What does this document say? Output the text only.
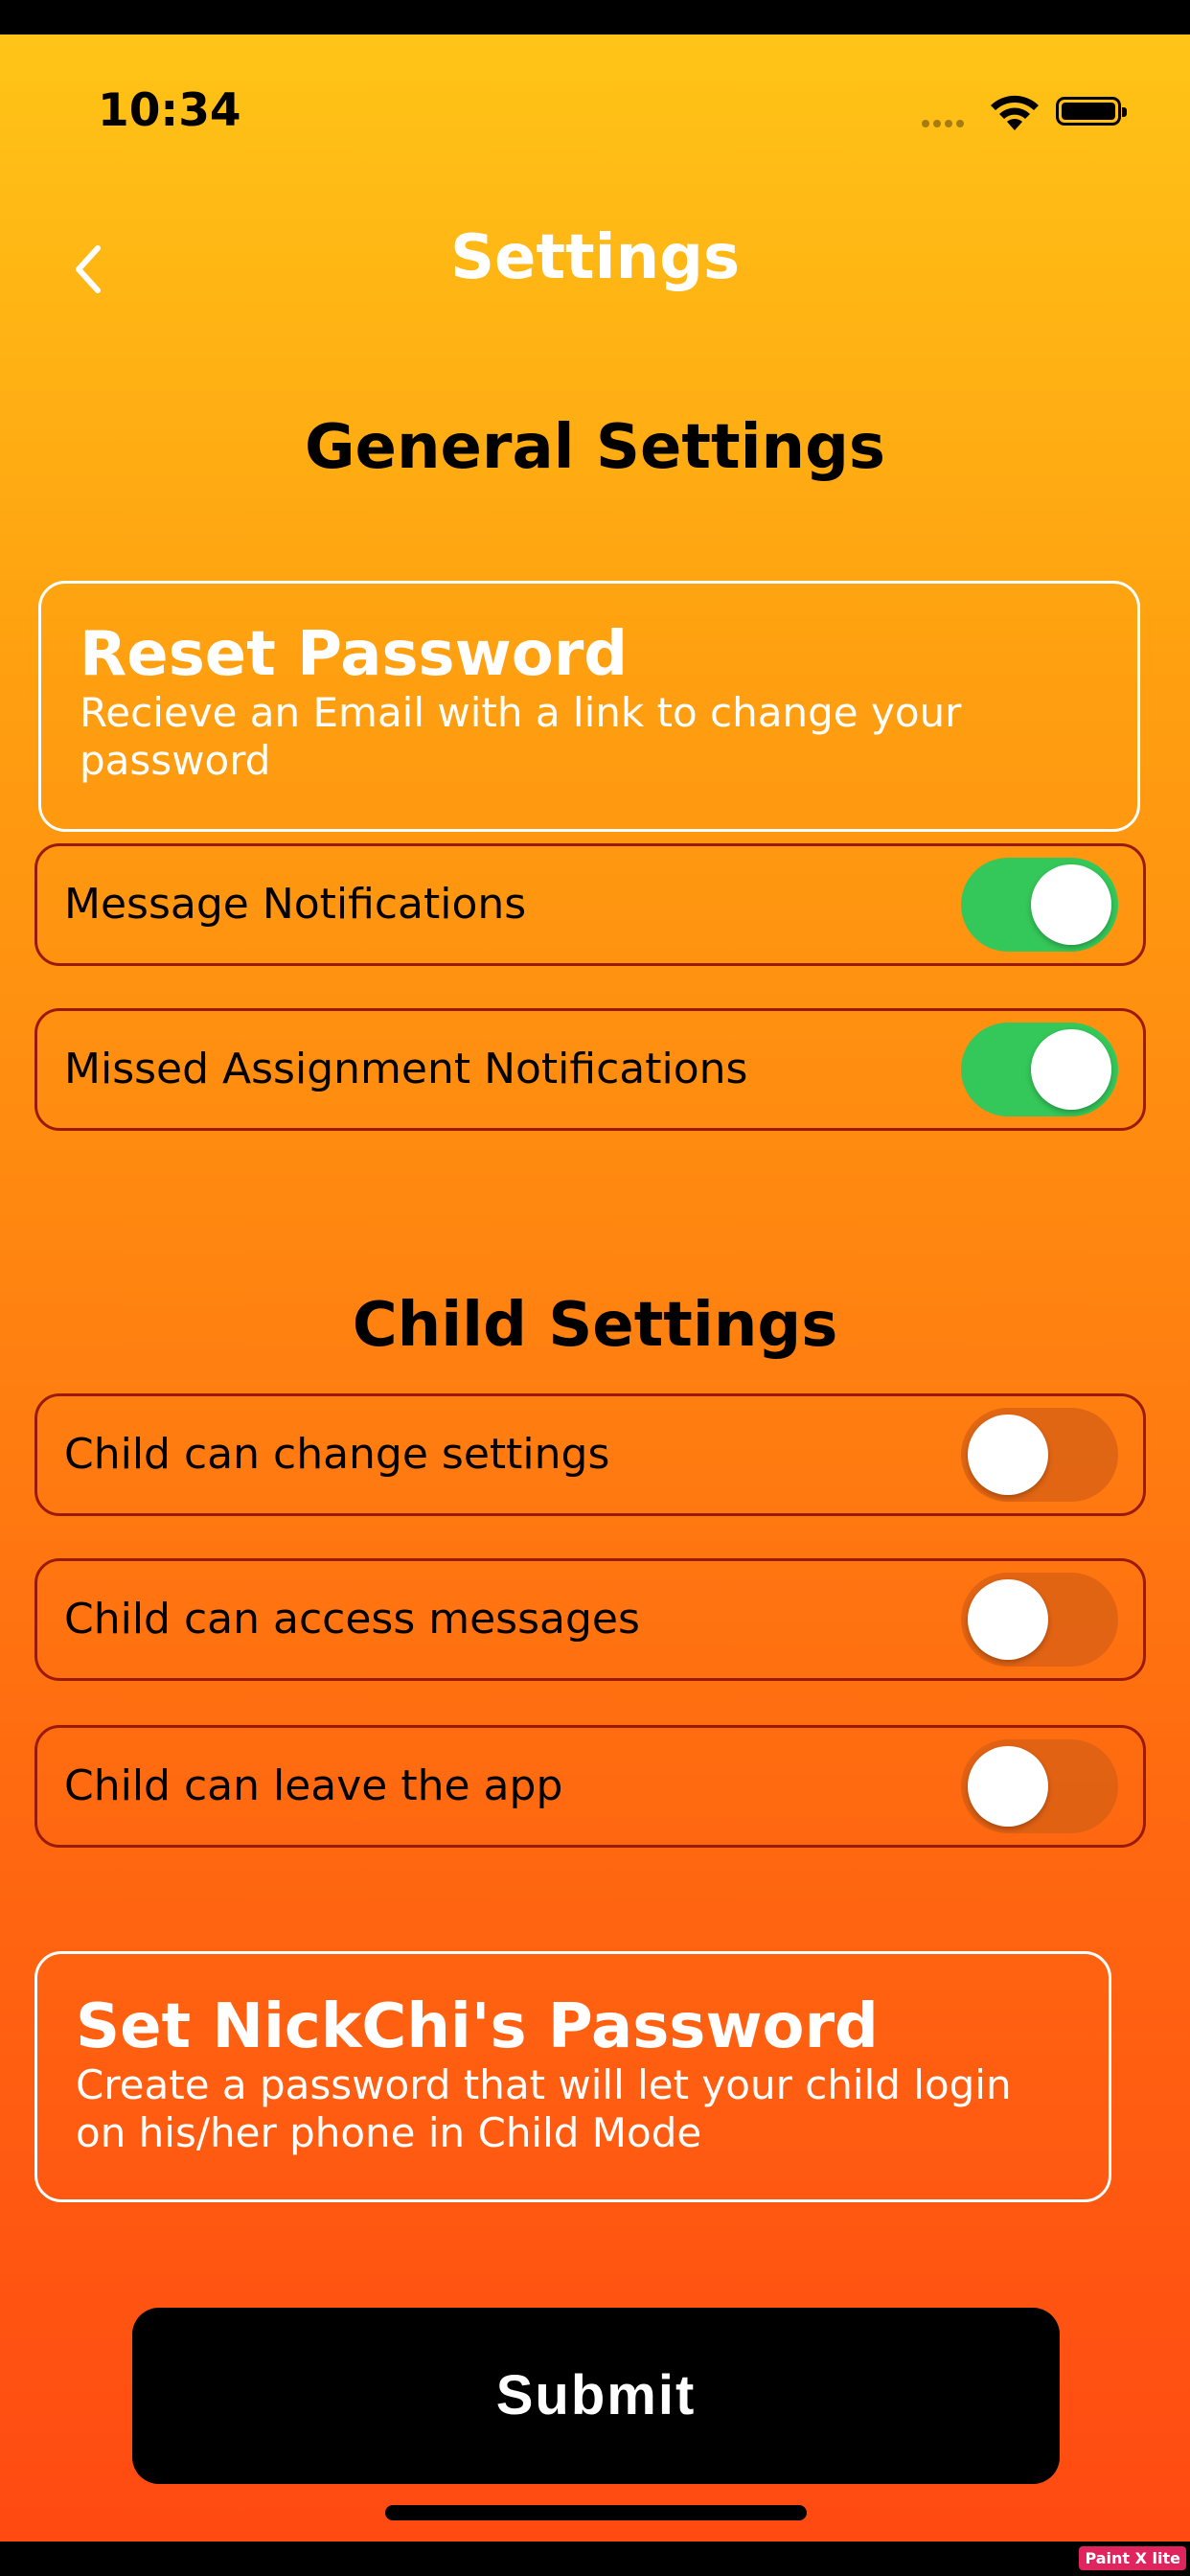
10:34
Settings
General Settings
Reset Password
Recieve an Email with a link to change your password
Message Notifications
Missed Assignment Notifications
Child Settings
Child can change settings
Child can access messages
Child can leave the app
Set NickChi's Password
Create a password that will let your child login on his/her phone in Child Mode
Submit
Paint X lite
